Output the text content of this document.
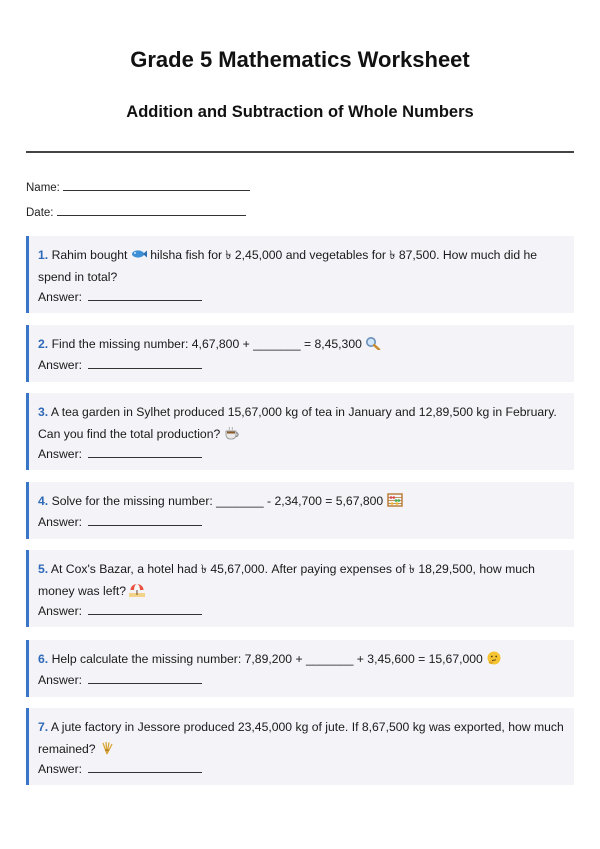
Grade 5 Mathematics Worksheet
Addition and Subtraction of Whole Numbers
Name:
Date:
1. Rahim bought hilsha fish for ৳ 2,45,000 and vegetables for ৳ 87,500. How much did he spend in total?
Answer:
2. Find the missing number: 4,67,800 + _______ = 8,45,300
Answer:
3. A tea garden in Sylhet produced 15,67,000 kg of tea in January and 12,89,500 kg in February. Can you find the total production?
Answer:
4. Solve for the missing number: _______ - 2,34,700 = 5,67,800
Answer:
5. At Cox's Bazar, a hotel had ৳ 45,67,000. After paying expenses of ৳ 18,29,500, how much money was left?
Answer:
6. Help calculate the missing number: 7,89,200 + _______ + 3,45,600 = 15,67,000
Answer:
7. A jute factory in Jessore produced 23,45,000 kg of jute. If 8,67,500 kg was exported, how much remained?
Answer:
